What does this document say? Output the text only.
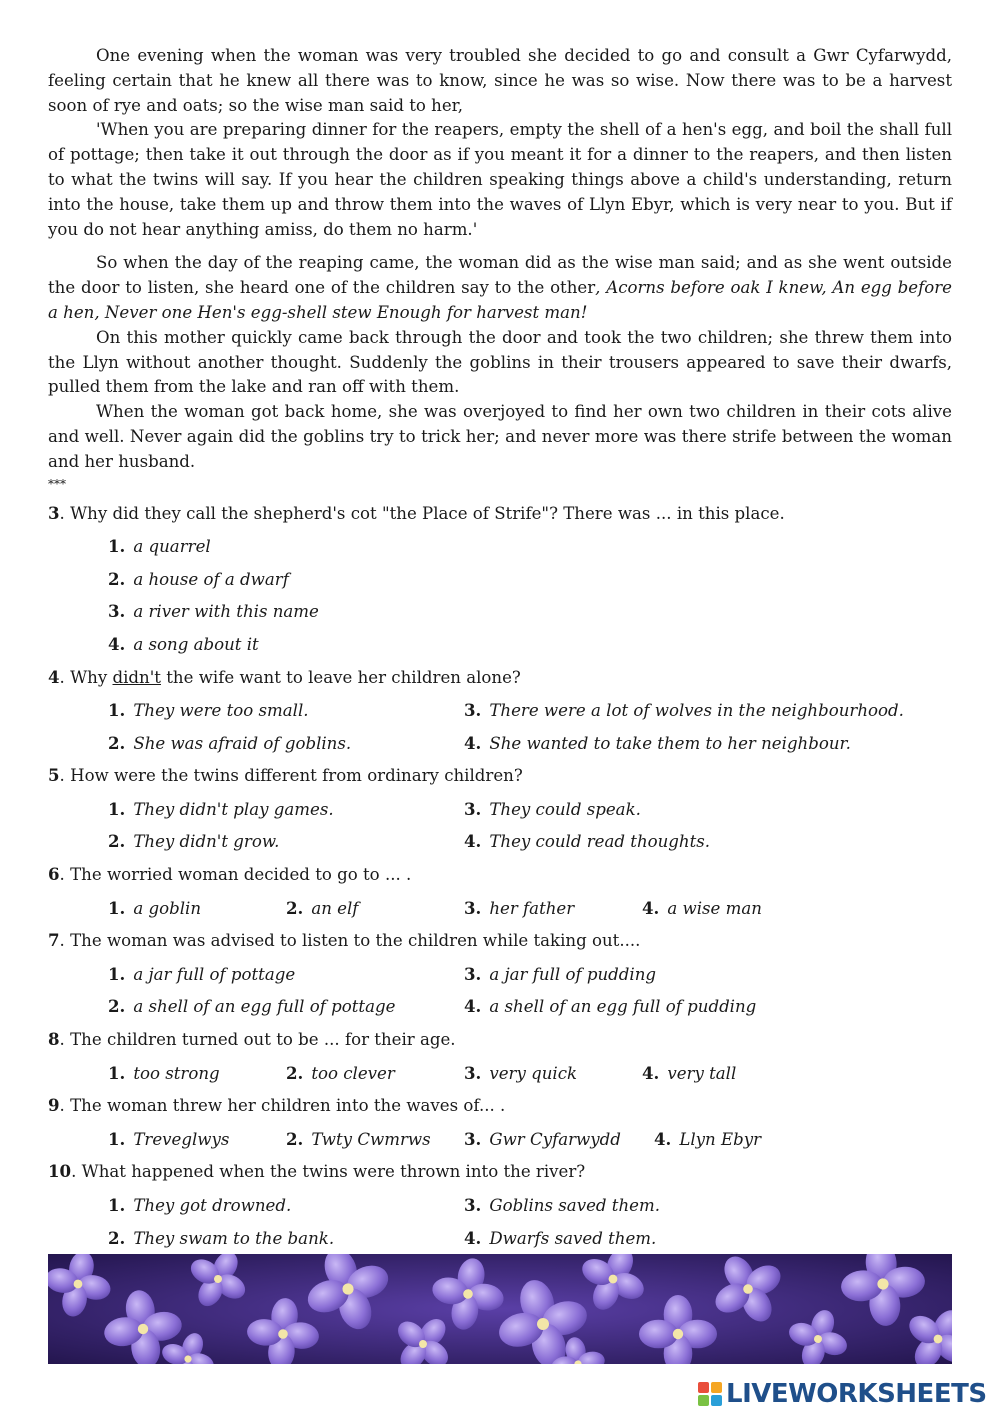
One evening when the woman was very troubled she decided to go and consult a Gwr Cyfarwydd, feeling certain that he knew all there was to know, since he was so wise. Now there was to be a harvest soon of rye and oats; so the wise man said to her,

'When you are preparing dinner for the reapers, empty the shell of a hen's egg, and boil the shall full of pottage; then take it out through the door as if you meant it for a dinner to the reapers, and then listen to what the twins will say. If you hear the children speaking things above a child's understanding, return into the house, take them up and throw them into the waves of Llyn Ebyr, which is very near to you. But if you do not hear anything amiss, do them no harm.'

So when the day of the reaping came, the woman did as the wise man said; and as she went outside the door to listen, she heard one of the children say to the other, Acorns before oak I knew, An egg before a hen, Never one Hen's egg-shell stew Enough for harvest man!

On this mother quickly came back through the door and took the two children; she threw them into the Llyn without another thought. Suddenly the goblins in their trousers appeared to save their dwarfs, pulled them from the lake and ran off with them.

When the woman got back home, she was overjoyed to find her own two children in their cots alive and well. Never again did the goblins try to trick her; and never more was there strife between the woman and her husband.

***

3. Why did they call the shepherd's cot "the Place of Strife"? There was ... in this place.

1. a quarrel
2. a house of a dwarf
3. a river with this name
4. a song about it

4. Why didn't the wife want to leave her children alone?

1. They were too small.	3. There were a lot of wolves in the neighbourhood.
2. She was afraid of goblins.	4. She wanted to take them to her neighbour.

5. How were the twins different from ordinary children?

1. They didn't play games.	3. They could speak.
2. They didn't grow.	4. They could read thoughts.

6. The worried woman decided to go to ... .

1. a goblin	2. an elf	3. her father	4. a wise man

7. The woman was advised to listen to the children while taking out....

1. a jar full of pottage	3. a jar full of pudding
2. a shell of an egg full of pottage	4. a shell of an egg full of pudding

8. The children turned out to be ... for their age.

1. too strong	2. too clever	3. very quick	4. very tall

9. The woman threw her children into the waves of... .

1. Treveglwys	2. Twty Cwmrws 3. Gwr Cyfarwydd 4. Llyn Ebyr

10. What happened when the twins were thrown into the river?

1. They got drowned.	3. Goblins saved them.
2. They swam to the bank.	4. Dwarfs saved them.
LIVEWORKSHEETS
